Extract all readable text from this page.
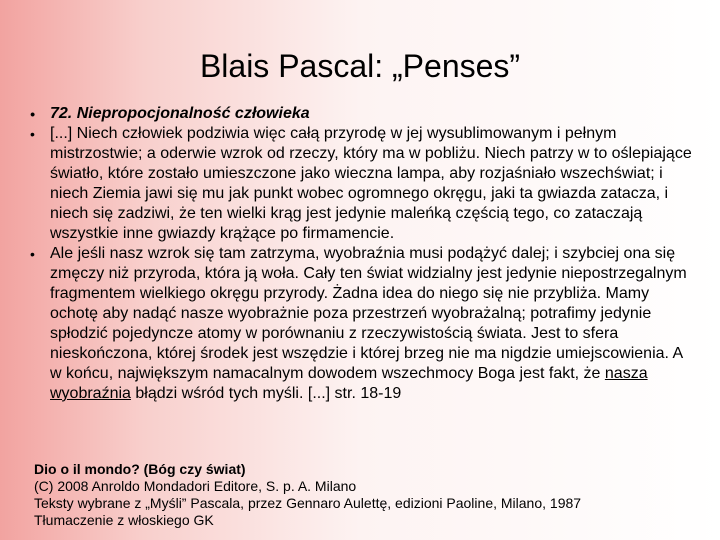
Blais Pascal: „Penses”
• 72. Niepropocjonalność człowieka
• [...] Niech człowiek podziwia więc całą przyrodę w jej wysublimowanym i pełnym mistrzostwie; a oderwie wzrok od rzeczy, który ma w pobliżu. Niech patrzy w to oślepiające światło, które zostało umieszczone jako wieczna lampa, aby rozjaśniało wszechświat; i niech Ziemia jawi się mu jak punkt wobec ogromnego okręgu, jaki ta gwiazda zatacza, i niech się zadziwi, że ten wielki krąg jest jedynie maleńką częścią tego, co zataczają wszystkie inne gwiazdy krążące po firmamencie.
• Ale jeśli nasz wzrok się tam zatrzyma, wyobraźnia musi podążyć dalej; i szybciej ona się zmęczy niż przyroda, która ją woła. Cały ten świat widzialny jest jedynie niepostrzegalnym fragmentem wielkiego okręgu przyrody. Żadna idea do niego się nie przybliża. Mamy ochotę aby nadąć nasze wyobrażnie poza przestrzeń wyobrażalną; potrafimy jedynie spłodzić pojedyncze atomy w porównaniu z rzeczywistością świata. Jest to sfera nieskończona, której środek jest wszędzie i której brzeg nie ma nigdzie umiejscowienia. A w końcu, największym namacalnym dowodem wszechmocy Boga jest fakt, że nasza wyobraźnia błądzi wśród tych myśli. [...] str. 18-19
Dio o il mondo? (Bóg czy świat)
(C) 2008 Anroldo Mondadori Editore, S. p. A. Milano
Teksty wybrane z „Myśli” Pascala, przez Gennaro Aulettę, edizioni Paoline, Milano, 1987
Tłumaczenie z włoskiego GK
